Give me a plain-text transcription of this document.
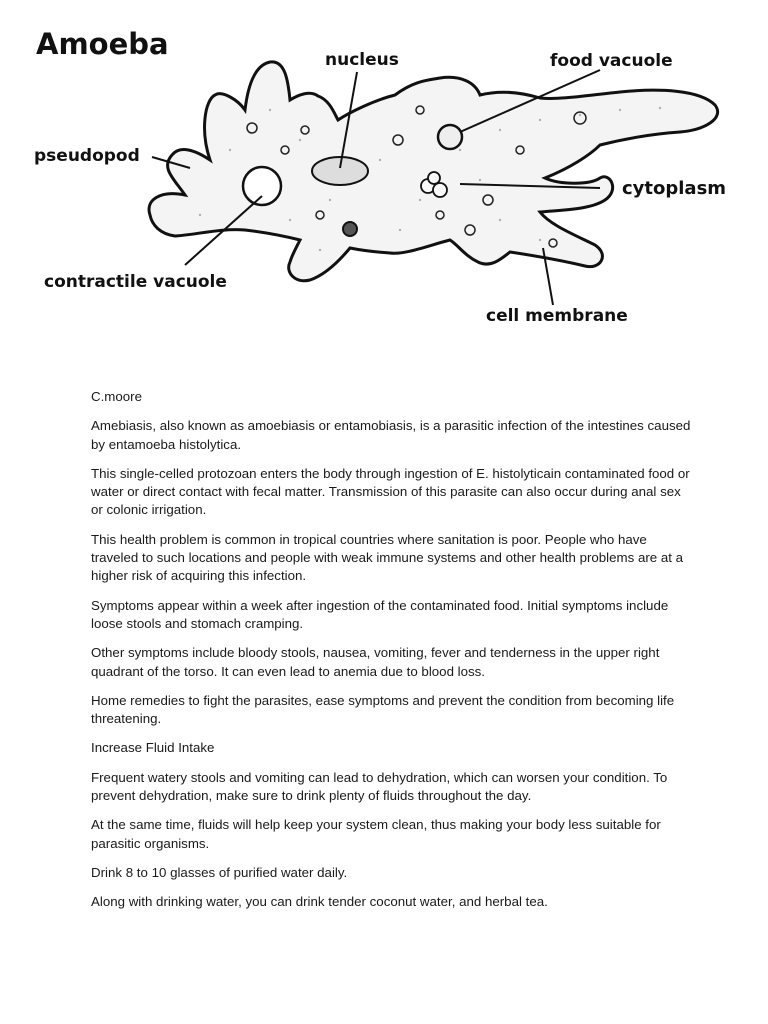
Amoeba	nucleus	food vacuole
pseudopod
cytoplasm
contractile vacuole
cell membrane

C.moore

Amebiasis, also known as amoebiasis or entamobiasis, is a parasitic infection of the intestines caused by entamoeba histolytica.

This single-celled protozoan enters the body through ingestion of E. histolyticain contaminated food or water or direct contact with fecal matter. Transmission of this parasite can also occur during anal sex or colonic irrigation.

This health problem is common in tropical countries where sanitation is poor. People who have traveled to such locations and people with weak immune systems and other health problems are at a higher risk of acquiring this infection.

Symptoms appear within a week after ingestion of the contaminated food. Initial symptoms include loose stools and stomach cramping.

Other symptoms include bloody stools, nausea, vomiting, fever and tenderness in the upper right quadrant of the torso. It can even lead to anemia due to blood loss.

Home remedies to fight the parasites, ease symptoms and prevent the condition from becoming life threatening.

Increase Fluid Intake

Frequent watery stools and vomiting can lead to dehydration, which can worsen your condition. To prevent dehydration, make sure to drink plenty of fluids throughout the day.

At the same time, fluids will help keep your system clean, thus making your body less suitable for parasitic organisms.

Drink 8 to 10 glasses of purified water daily.

Along with drinking water, you can drink tender coconut water, and herbal tea.
